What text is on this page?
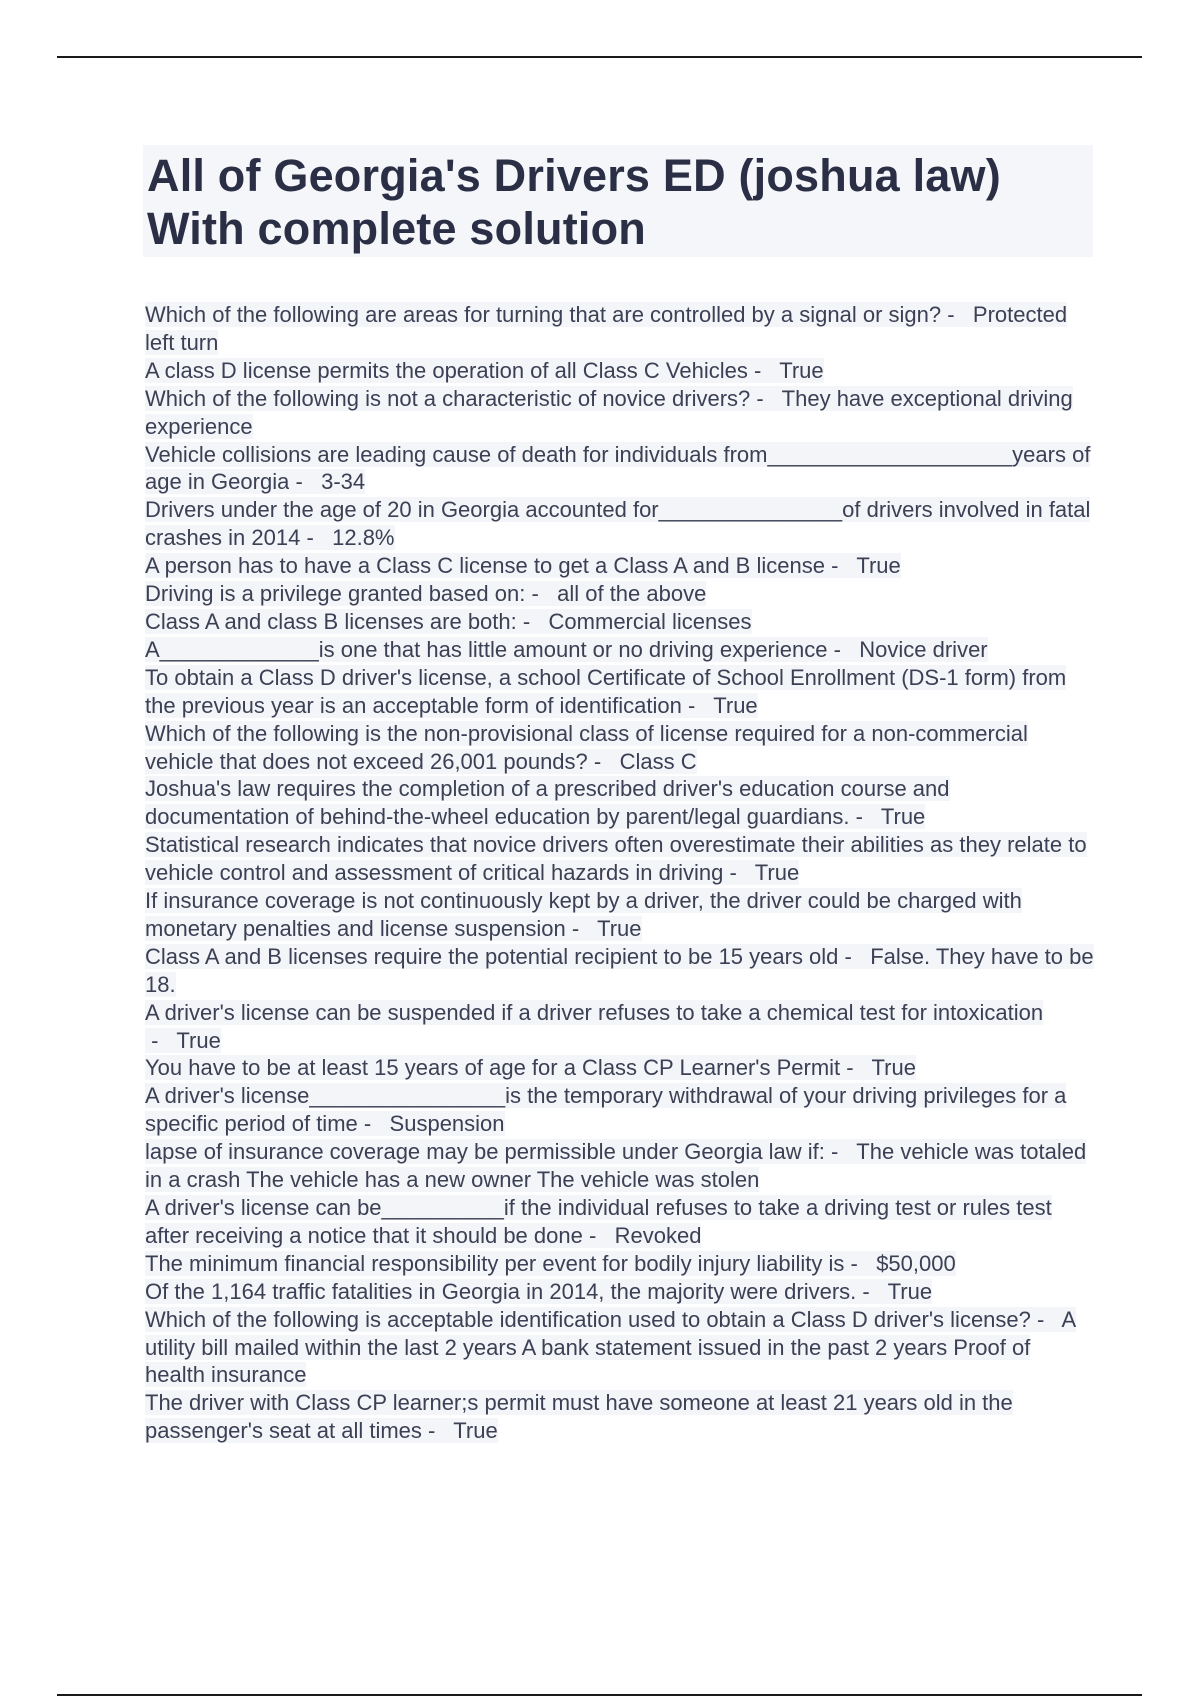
All of Georgia's Drivers ED (joshua law)
With complete solution
Which of the following are areas for turning that are controlled by a signal or sign? -   Protected left turn
A class D license permits the operation of all Class C Vehicles -   True
Which of the following is not a characteristic of novice drivers? -   They have exceptional driving experience
Vehicle collisions are leading cause of death for individuals from____________________years of age in Georgia -   3-34
Drivers under the age of 20 in Georgia accounted for_______________of drivers involved in fatal crashes in 2014 -   12.8%
A person has to have a Class C license to get a Class A and B license -   True
Driving is a privilege granted based on: -   all of the above
Class A and class B licenses are both: -   Commercial licenses
A_____________is one that has little amount or no driving experience -   Novice driver
To obtain a Class D driver's license, a school Certificate of School Enrollment (DS-1 form) from the previous year is an acceptable form of identification -   True
Which of the following is the non-provisional class of license required for a non-commercial vehicle that does not exceed 26,001 pounds? -   Class C
Joshua's law requires the completion of a prescribed driver's education course and documentation of behind-the-wheel education by parent/legal guardians. -   True
Statistical research indicates that novice drivers often overestimate their abilities as they relate to vehicle control and assessment of critical hazards in driving -   True
If insurance coverage is not continuously kept by a driver, the driver could be charged with monetary penalties and license suspension -   True
Class A and B licenses require the potential recipient to be 15 years old -   False. They have to be 18.
A driver's license can be suspended if a driver refuses to take a chemical test for intoxication -   True
You have to be at least 15 years of age for a Class CP Learner's Permit -   True
A driver's license________________is the temporary withdrawal of your driving privileges for a specific period of time -   Suspension
lapse of insurance coverage may be permissible under Georgia law if: -   The vehicle was totaled in a crash The vehicle has a new owner The vehicle was stolen
A driver's license can be__________if the individual refuses to take a driving test or rules test after receiving a notice that it should be done -   Revoked
The minimum financial responsibility per event for bodily injury liability is -   $50,000
Of the 1,164 traffic fatalities in Georgia in 2014, the majority were drivers. -   True
Which of the following is acceptable identification used to obtain a Class D driver's license? -   A utility bill mailed within the last 2 years A bank statement issued in the past 2 years Proof of health insurance
The driver with Class CP learner;s permit must have someone at least 21 years old in the passenger's seat at all times -   True
